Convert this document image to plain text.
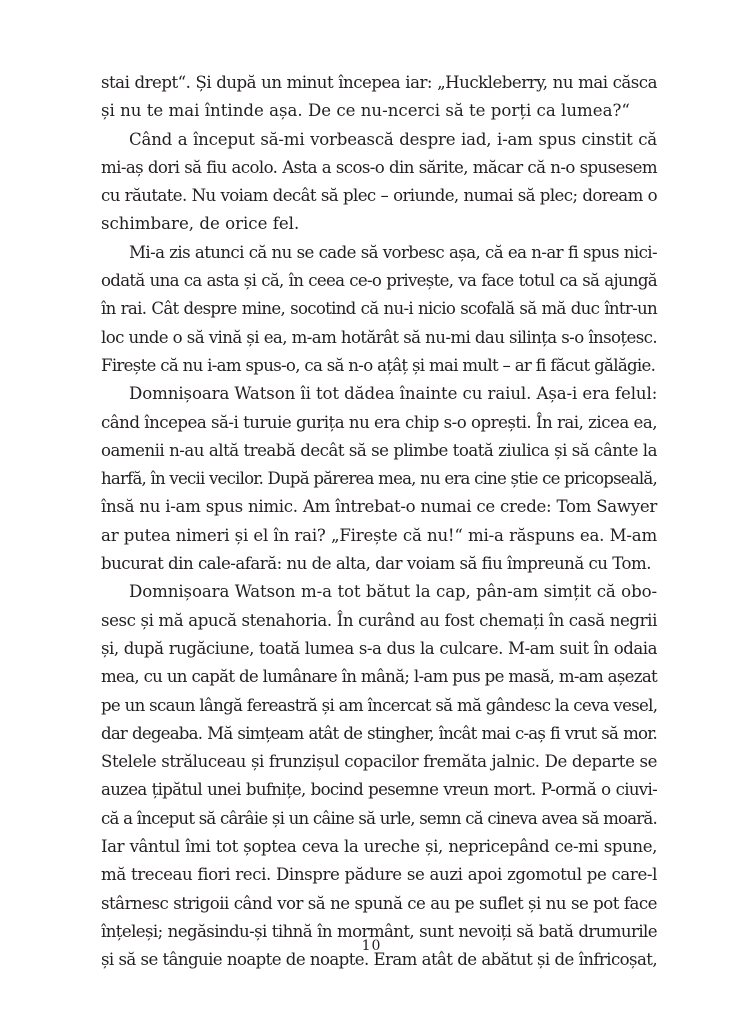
stai drept“. Și după un minut începea iar: „Huckleberry, nu mai căsca
și nu te mai întinde așa. De ce nu-ncerci să te porți ca lumea?“
Când a început să-mi vorbească despre iad, i-am spus cinstit că
mi-aș dori să fiu acolo. Asta a scos-o din sărite, măcar că n-o spusesem
cu răutate. Nu voiam decât să plec – oriunde, numai să plec; doream o
schimbare, de orice fel.
Mi-a zis atunci că nu se cade să vorbesc așa, că ea n-ar fi spus nici-
odată una ca asta și că, în ceea ce-o privește, va face totul ca să ajungă
în rai. Cât despre mine, socotind că nu-i nicio scofală să mă duc într-un
loc unde o să vină și ea, m-am hotărât să nu-mi dau silința s-o însoțesc.
Firește că nu i-am spus-o, ca să n-o ațâț și mai mult – ar fi făcut gălăgie.
Domnișoara Watson îi tot dădea înainte cu raiul. Așa-i era felul:
când începea să-i turuie gurița nu era chip s-o oprești. În rai, zicea ea,
oamenii n-au altă treabă decât să se plimbe toată ziulica și să cânte la
harfă, în vecii vecilor. După părerea mea, nu era cine știe ce pricopseală,
însă nu i-am spus nimic. Am întrebat-o numai ce crede: Tom Sawyer
ar putea nimeri și el în rai? „Firește că nu!“ mi-a răspuns ea. M-am
bucurat din cale-afară: nu de alta, dar voiam să fiu împreună cu Tom.
Domnișoara Watson m-a tot bătut la cap, pân-am simțit că obo-
sesc și mă apucă stenahoria. În curând au fost chemați în casă negrii
și, după rugăciune, toată lumea s-a dus la culcare. M-am suit în odaia
mea, cu un capăt de lumânare în mână; l-am pus pe masă, m-am așezat
pe un scaun lângă fereastră și am încercat să mă gândesc la ceva vesel,
dar degeaba. Mă simțeam atât de stingher, încât mai c-aș fi vrut să mor.
Stelele străluceau și frunzișul copacilor fremăta jalnic. De departe se
auzea țipătul unei bufnițe, bocind pesemne vreun mort. P-ormă o ciuvi-
că a început să cârâie și un câine să urle, semn că cineva avea să moară.
Iar vântul îmi tot șoptea ceva la ureche și, nepricepând ce-mi spune,
mă treceau fiori reci. Dinspre pădure se auzi apoi zgomotul pe care-l
stârnesc strigoii când vor să ne spună ce au pe suflet și nu se pot face
înțeleși; negăsindu-și tihnă în mormânt, sunt nevoiți să bată drumurile
și să se tânguie noapte de noapte. Eram atât de abătut și de înfricoșat,
10
